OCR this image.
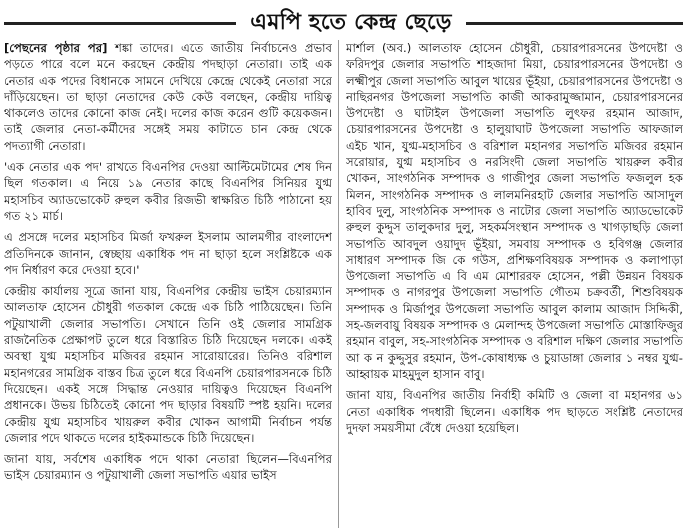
এমপি হতে কেন্দ্র ছেড়ে

[পেছনের পৃষ্ঠার পর] শঙ্কা তাদের। এতে জাতীয় নির্বাচনেও প্রভাব পড়তে পারে বলে মনে করছেন কেন্দ্রীয় পদছাড়া নেতারা। তাই এক নেতার এক পদের বিধানকে সামনে দেখিয়ে কেন্দ্রে থেকেই নেতারা সরে দাঁড়িয়েছেন। তা ছাড়া নেতাদের কেউ কেউ বলছেন, কেন্দ্রীয় দায়িত্ব থাকলেও তাদের কোনো কাজ নেই। দলের কাজ করেন গুটি কয়েকজন। তাই জেলার নেতা-কর্মীদের সঙ্গেই সময় কাটাতে চান কেন্দ্র থেকে পদত্যাগী নেতারা।

'এক নেতার এক পদ' রাখতে বিএনপির দেওয়া আল্টিমেটামের শেষ দিন ছিল গতকাল। এ নিয়ে ১৯ নেতার কাছে বিএনপির সিনিয়র যুগ্ম মহাসচিব অ্যাডভোকেট রুহুল কবীর রিজভী স্বাক্ষরিত চিঠি পাঠানো হয় গত ২১ মার্চ।

এ প্রসঙ্গে দলের মহাসচিব মির্জা ফখরুল ইসলাম আলমগীর বাংলাদেশ প্রতিদিনকে জানান, স্বেচ্ছায় একাধিক পদ না ছাড়া হলে সংশ্লিষ্টকে এক পদ নির্ধারণ করে দেওয়া হবে।'

কেন্দ্রীয় কার্যালয় সূত্রে জানা যায়, বিএনপির কেন্দ্রীয় ভাইস চেয়ারম্যান আলতাফ হোসেন চৌধুরী গতকাল কেন্দ্রে এক চিঠি পাঠিয়েছেন। তিনি পটুয়াখালী জেলার সভাপতি। সেখানে তিনি ওই জেলার সামগ্রিক রাজনৈতিক প্রেক্ষাপট তুলে ধরে বিস্তারিত চিঠি দিয়েছেন দলকে। একই অবস্থা যুগ্ম মহাসচিব মজিবর রহমান সারোয়ারের। তিনিও বরিশাল মহানগরের সামগ্রিক বাস্তব চিত্র তুলে ধরে বিএনপি চেয়ারপারসনকে চিঠি দিয়েছেন। একই সঙ্গে সিদ্ধান্ত নেওয়ার দায়িত্বও দিয়েছেন বিএনপি প্রধানকে। উভয় চিঠিতেই কোনো পদ ছাড়ার বিষয়টি স্পষ্ট হয়নি। দলের কেন্দ্রীয় যুগ্ম মহাসচিব খায়রুল কবীর খোকন আগামী নির্বাচন পর্যন্ত জেলার পদে থাকতে দলের হাইকমান্ডকে চিঠি দিয়েছেন।

জানা যায়, সর্বশেষ একাধিক পদে থাকা নেতারা ছিলেন—বিএনপির ভাইস চেয়ারম্যান ও পটুয়াখালী জেলা সভাপতি এয়ার ভাইস

মার্শাল (অব.) আলতাফ হোসেন চৌধুরী, চেয়ারপারসনের উপদেষ্টা ও ফরিদপুর জেলার সভাপতি শাহজাদা মিয়া, চেয়ারপারসনের উপদেষ্টা ও লক্ষ্মীপুর জেলা সভাপতি আবুল খায়ের ভূঁইয়া, চেয়ারপারসনের উপদেষ্টা ও নাছিরনগর উপজেলা সভাপতি কাজী আকরামুজ্জামান, চেয়ারপারসনের উপদেষ্টা ও ঘাটাইল উপজেলা সভাপতি লুৎফর রহমান আজাদ, চেয়ারপারসনের উপদেষ্টা ও হালুয়াঘাট উপজেলা সভাপতি আফজাল এইচ খান, যুগ্ম-মহাসচিব ও বরিশাল মহানগর সভাপতি মজিবর রহমান সরোয়ার, যুগ্ম মহাসচিব ও নরসিংদী জেলা সভাপতি খায়রুল কবীর খোকন, সাংগঠনিক সম্পাদক ও গাজীপুর জেলা সভাপতি ফজলুল হক মিলন, সাংগঠনিক সম্পাদক ও লালমনিরহাট জেলার সভাপতি আসাদুল হাবিব দুলু, সাংগঠনিক সম্পাদক ও নাটোর জেলা সভাপতি অ্যাডভোকেট রুহুল কুদ্দুস তালুকদার দুলু, সহকর্মসংস্থান সম্পাদক ও খাগড়াছড়ি জেলা সভাপতি আবদুল ওয়াদুদ ভূঁইয়া, সমবায় সম্পাদক ও হবিগঞ্জ জেলার সাধারণ সম্পাদক জি কে গউস, প্রশিক্ষণবিষয়ক সম্পাদক ও কলাপাড়া উপজেলা সভাপতি এ বি এম মোশাররফ হোসেন, পল্লী উন্নয়ন বিষয়ক সম্পাদক ও নাগরপুর উপজেলা সভাপতি গৌতম চক্রবর্তী, শিশুবিষয়ক সম্পাদক ও মির্জাপুর উপজেলা সভাপতি আবুল কালাম আজাদ সিদ্দিকী, সহ-জলবায়ু বিষয়ক সম্পাদক ও মেলান্দহ উপজেলা সভাপতি মোস্তাফিজুর রহমান বাবুল, সহ-সাংগঠনিক সম্পাদক ও বরিশাল দক্ষিণ জেলার সভাপতি আ ক ন কুদ্দুসুর রহমান, উপ-কোষাধ্যক্ষ ও চুয়াডাঙ্গা জেলার ১ নম্বর যুগ্ম-আহ্বায়ক মাহমুদুল হাসান বাবু।

জানা যায়, বিএনপির জাতীয় নির্বাহী কমিটি ও জেলা বা মহানগর ৬১ নেতা একাধিক পদধারী ছিলেন। একাধিক পদ ছাড়তে সংশ্লিষ্ট নেতাদের দুদফা সময়সীমা বেঁধে দেওয়া হয়েছিল।
